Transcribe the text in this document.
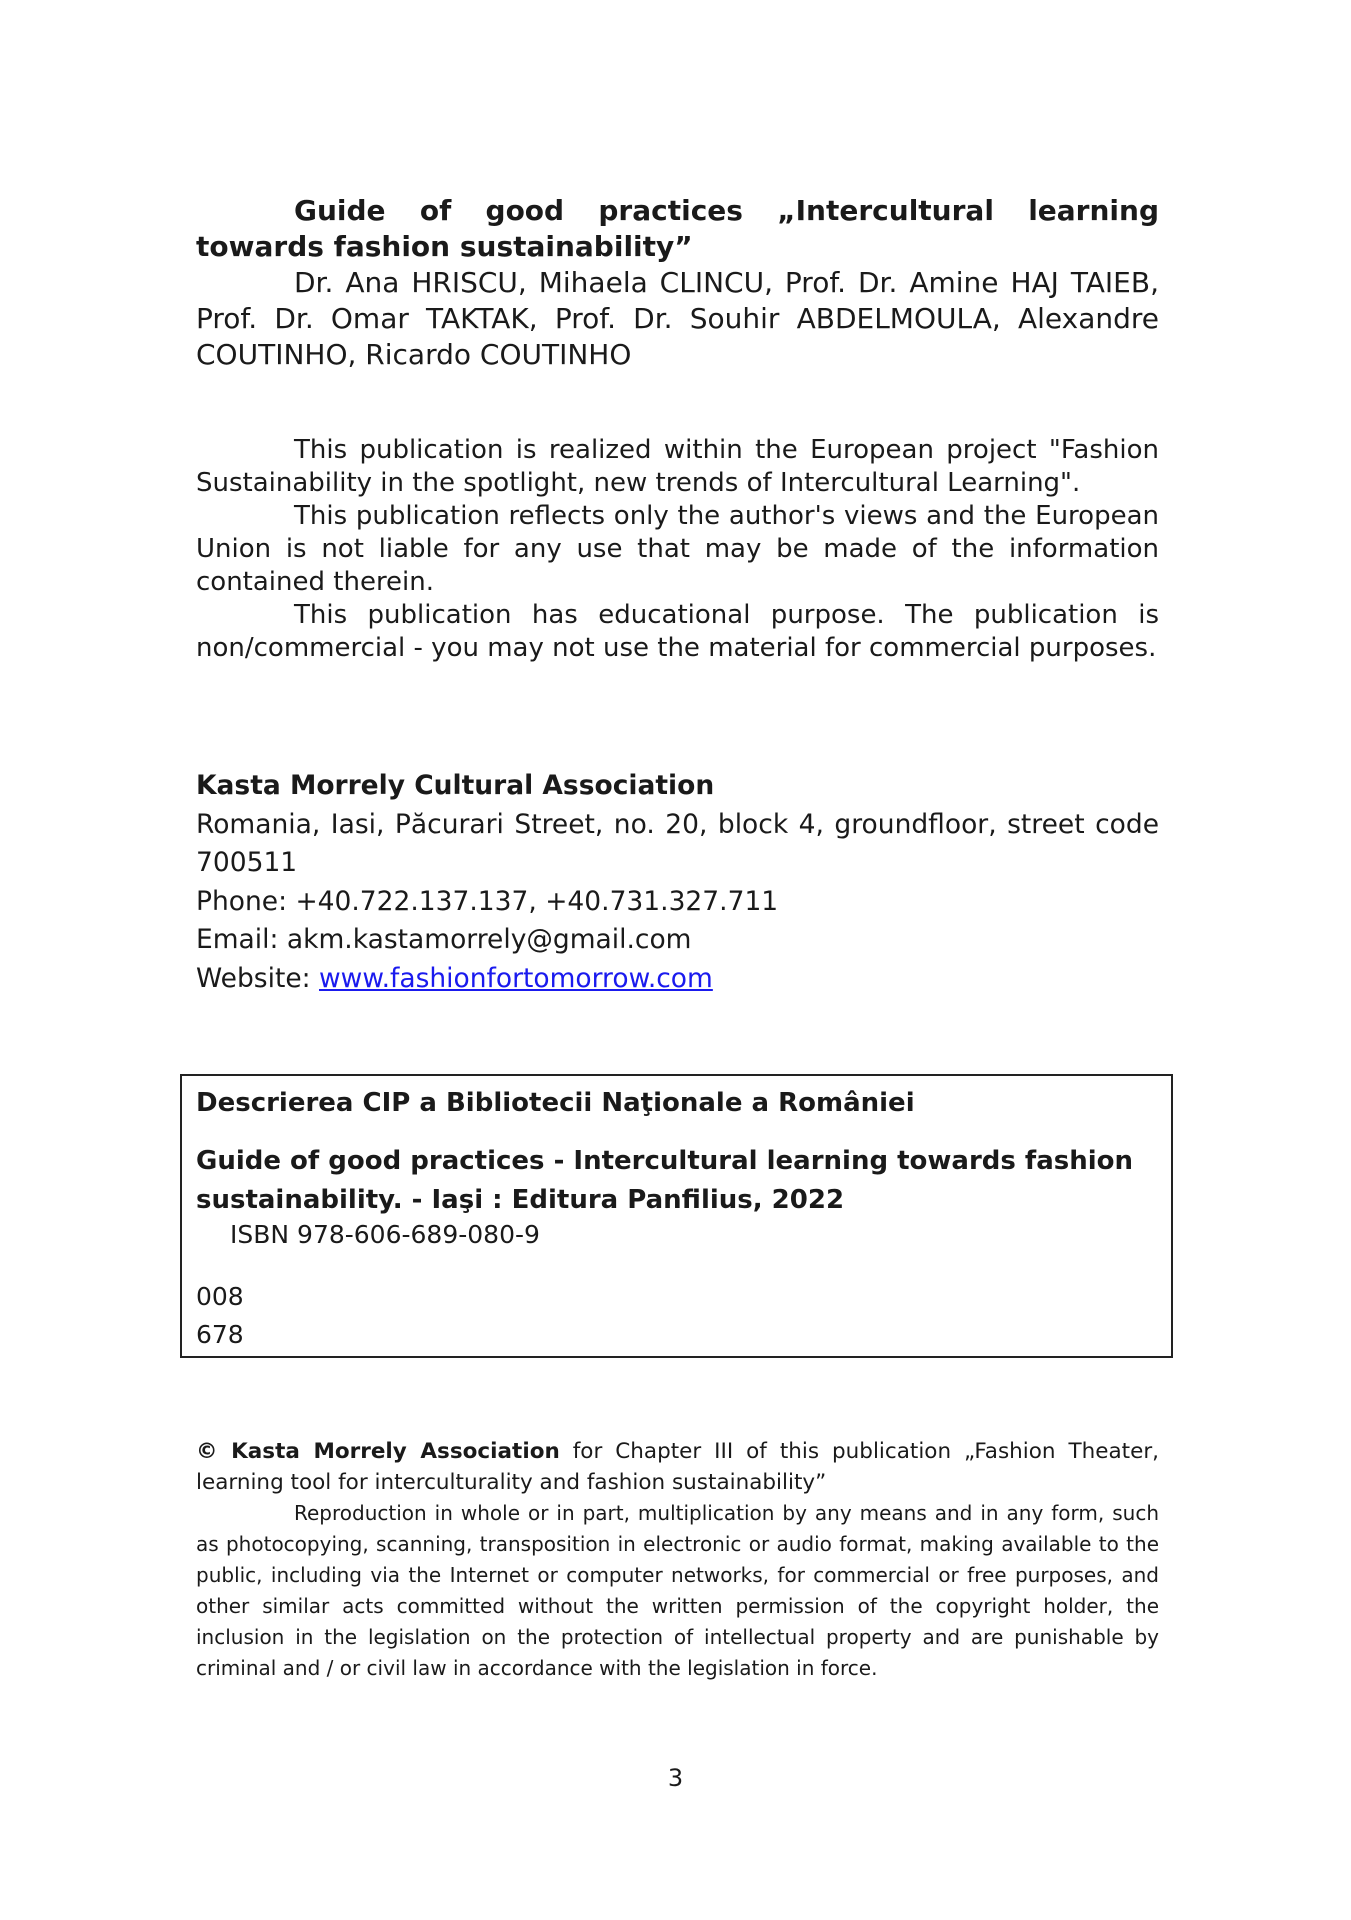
Guide of good practices „Intercultural learning towards fashion sustainability”

Dr. Ana HRISCU, Mihaela CLINCU, Prof. Dr. Amine HAJ TAIEB, Prof. Dr. Omar TAKTAK, Prof. Dr. Souhir ABDELMOULA, Alexandre COUTINHO, Ricardo COUTINHO

This publication is realized within the European project "Fashion Sustainability in the spotlight, new trends of Intercultural Learning".

This publication reflects only the author's views and the European Union is not liable for any use that may be made of the information contained therein.

This publication has educational purpose. The publication is non/commercial - you may not use the material for commercial purposes.

Kasta Morrely Cultural Association

Romania, Iasi, Păcurari Street, no. 20, block 4, groundfloor, street code 700511

Phone: +40.722.137.137, +40.731.327.711

Email: akm.kastamorrely@gmail.com

Website: www.fashionfortomorrow.com

Descrierea CIP a Bibliotecii Naţionale a României
Guide of good practices - Intercultural learning towards fashion sustainability. - Iaşi : Editura Panfilius, 2022
ISBN 978-606-689-080-9
008
678

© Kasta Morrely Association for Chapter III of this publication „Fashion Theater, learning tool for interculturality and fashion sustainability”

Reproduction in whole or in part, multiplication by any means and in any form, such as photocopying, scanning, transposition in electronic or audio format, making available to the public, including via the Internet or computer networks, for commercial or free purposes, and other similar acts committed without the written permission of the copyright holder, the inclusion in the legislation on the protection of intellectual property and are punishable by criminal and / or civil law in accordance with the legislation in force.

3
